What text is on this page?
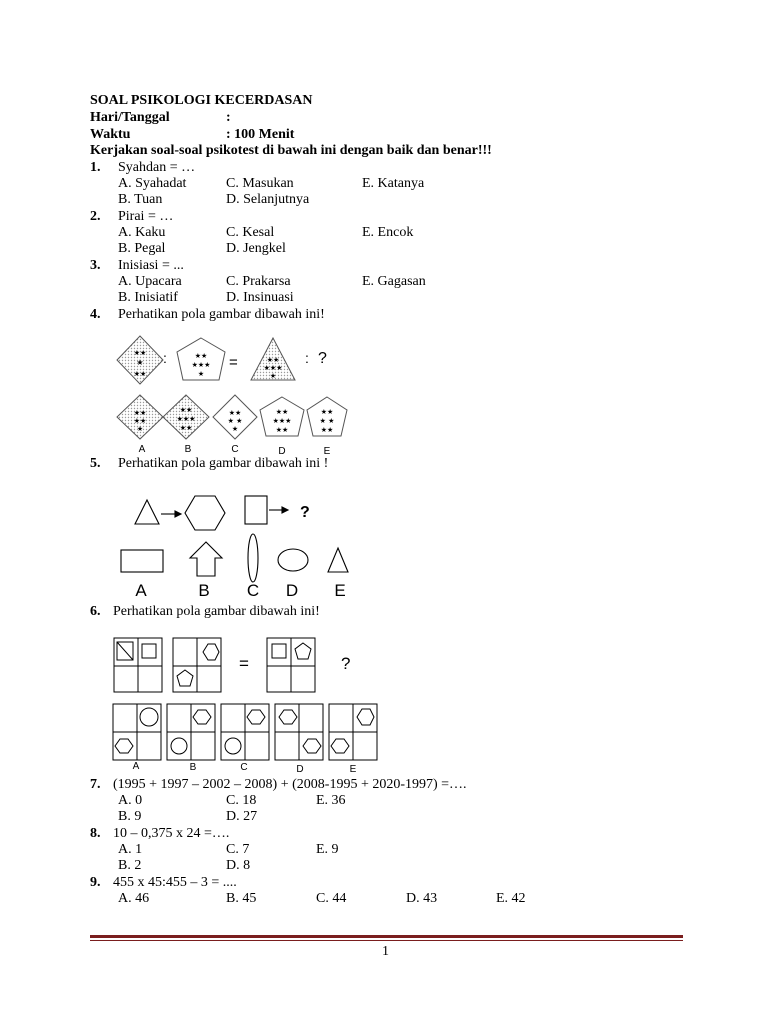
SOAL PSIKOLOGI KECERDASAN
Hari/Tanggal	:
Waktu	: 100 Menit
Kerjakan soal-soal psikotest di bawah ini dengan baik dan benar!!!
1. Syahdan = …
A. Syahadat	C. Masukan	E. Katanya
B. Tuan	D. Selanjutnya
2. Pirai = …
A. Kaku	C. Kesal	E. Encok
B. Pegal	D. Jengkel
3. Inisiasi = ...
A. Upacara	C. Prakarsa	E. Gagasan
B. Inisiatif	D. Insinuasi
4. Perhatikan pola gambar dibawah ini!
★
★★
★★
★★
★★★
★
★★
★★★
★
★★
★★
★
★★
★★★
★★
★★
★ ★
★
★★
★★★
★★
★★
★ ★
★★
:	=	: ?
A	B	C	D	E
5. Perhatikan pola gambar dibawah ini !
?
A	B C D E
6. Perhatikan pola gambar dibawah ini!
=	?
A	B	C	D	E
7. (1995 + 1997 – 2002 – 2008) + (2008-1995 + 2020-1997) =….
A. 0	C. 18	E. 36
B. 9	D. 27
8. 10 – 0,375 x 24 =….
A. 1	C. 7	E. 9
B. 2	D. 8
9. 455 x 45:455 – 3 = ....
A. 46	B. 45	C. 44	D. 43	E. 42
1
